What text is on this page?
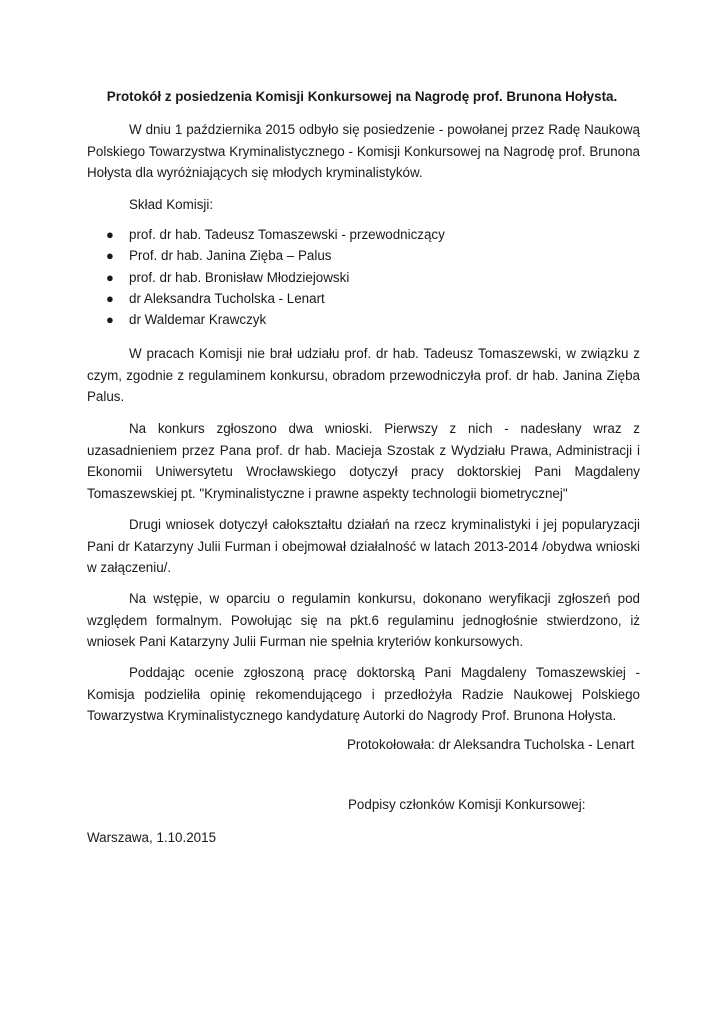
Protokół z posiedzenia Komisji Konkursowej na Nagrodę prof. Brunona Hołysta.

W dniu 1 października 2015 odbyło się posiedzenie - powołanej przez Radę Naukową Polskiego Towarzystwa Kryminalistycznego - Komisji Konkursowej na Nagrodę prof. Brunona Hołysta dla wyróżniających się młodych kryminalistyków.

Skład Komisji:
● prof. dr hab. Tadeusz Tomaszewski - przewodniczący
● Prof. dr hab. Janina Zięba – Palus
● prof. dr hab. Bronisław Młodziejowski
● dr Aleksandra Tucholska - Lenart
● dr Waldemar Krawczyk

W pracach Komisji nie brał udziału prof. dr hab. Tadeusz Tomaszewski, w związku z czym, zgodnie z regulaminem konkursu, obradom przewodniczyła prof. dr hab. Janina Zięba Palus.

Na konkurs zgłoszono dwa wnioski. Pierwszy z nich - nadesłany wraz z uzasadnieniem przez Pana prof. dr hab. Macieja Szostak z Wydziału Prawa, Administracji i Ekonomii Uniwersytetu Wrocławskiego dotyczył pracy doktorskiej Pani Magdaleny Tomaszewskiej pt. "Kryminalistyczne i prawne aspekty technologii biometrycznej"

Drugi wniosek dotyczył całokształtu działań na rzecz kryminalistyki i jej popularyzacji Pani dr Katarzyny Julii Furman i obejmował działalność w latach 2013-2014 /obydwa wnioski w załączeniu/.

Na wstępie, w oparciu o regulamin konkursu, dokonano weryfikacji zgłoszeń pod względem formalnym. Powołując się na pkt.6 regulaminu jednogłośnie stwierdzono, iż wniosek Pani Katarzyny Julii Furman nie spełnia kryteriów konkursowych.

Poddając ocenie zgłoszoną pracę doktorską Pani Magdaleny Tomaszewskiej - Komisja podzieliła opinię rekomendującego i przedłożyła Radzie Naukowej Polskiego Towarzystwa Kryminalistycznego kandydaturę Autorki do Nagrody Prof. Brunona Hołysta.

Protokołowała: dr Aleksandra Tucholska - Lenart
Podpisy członków Komisji Konkursowej:
Warszawa, 1.10.2015
